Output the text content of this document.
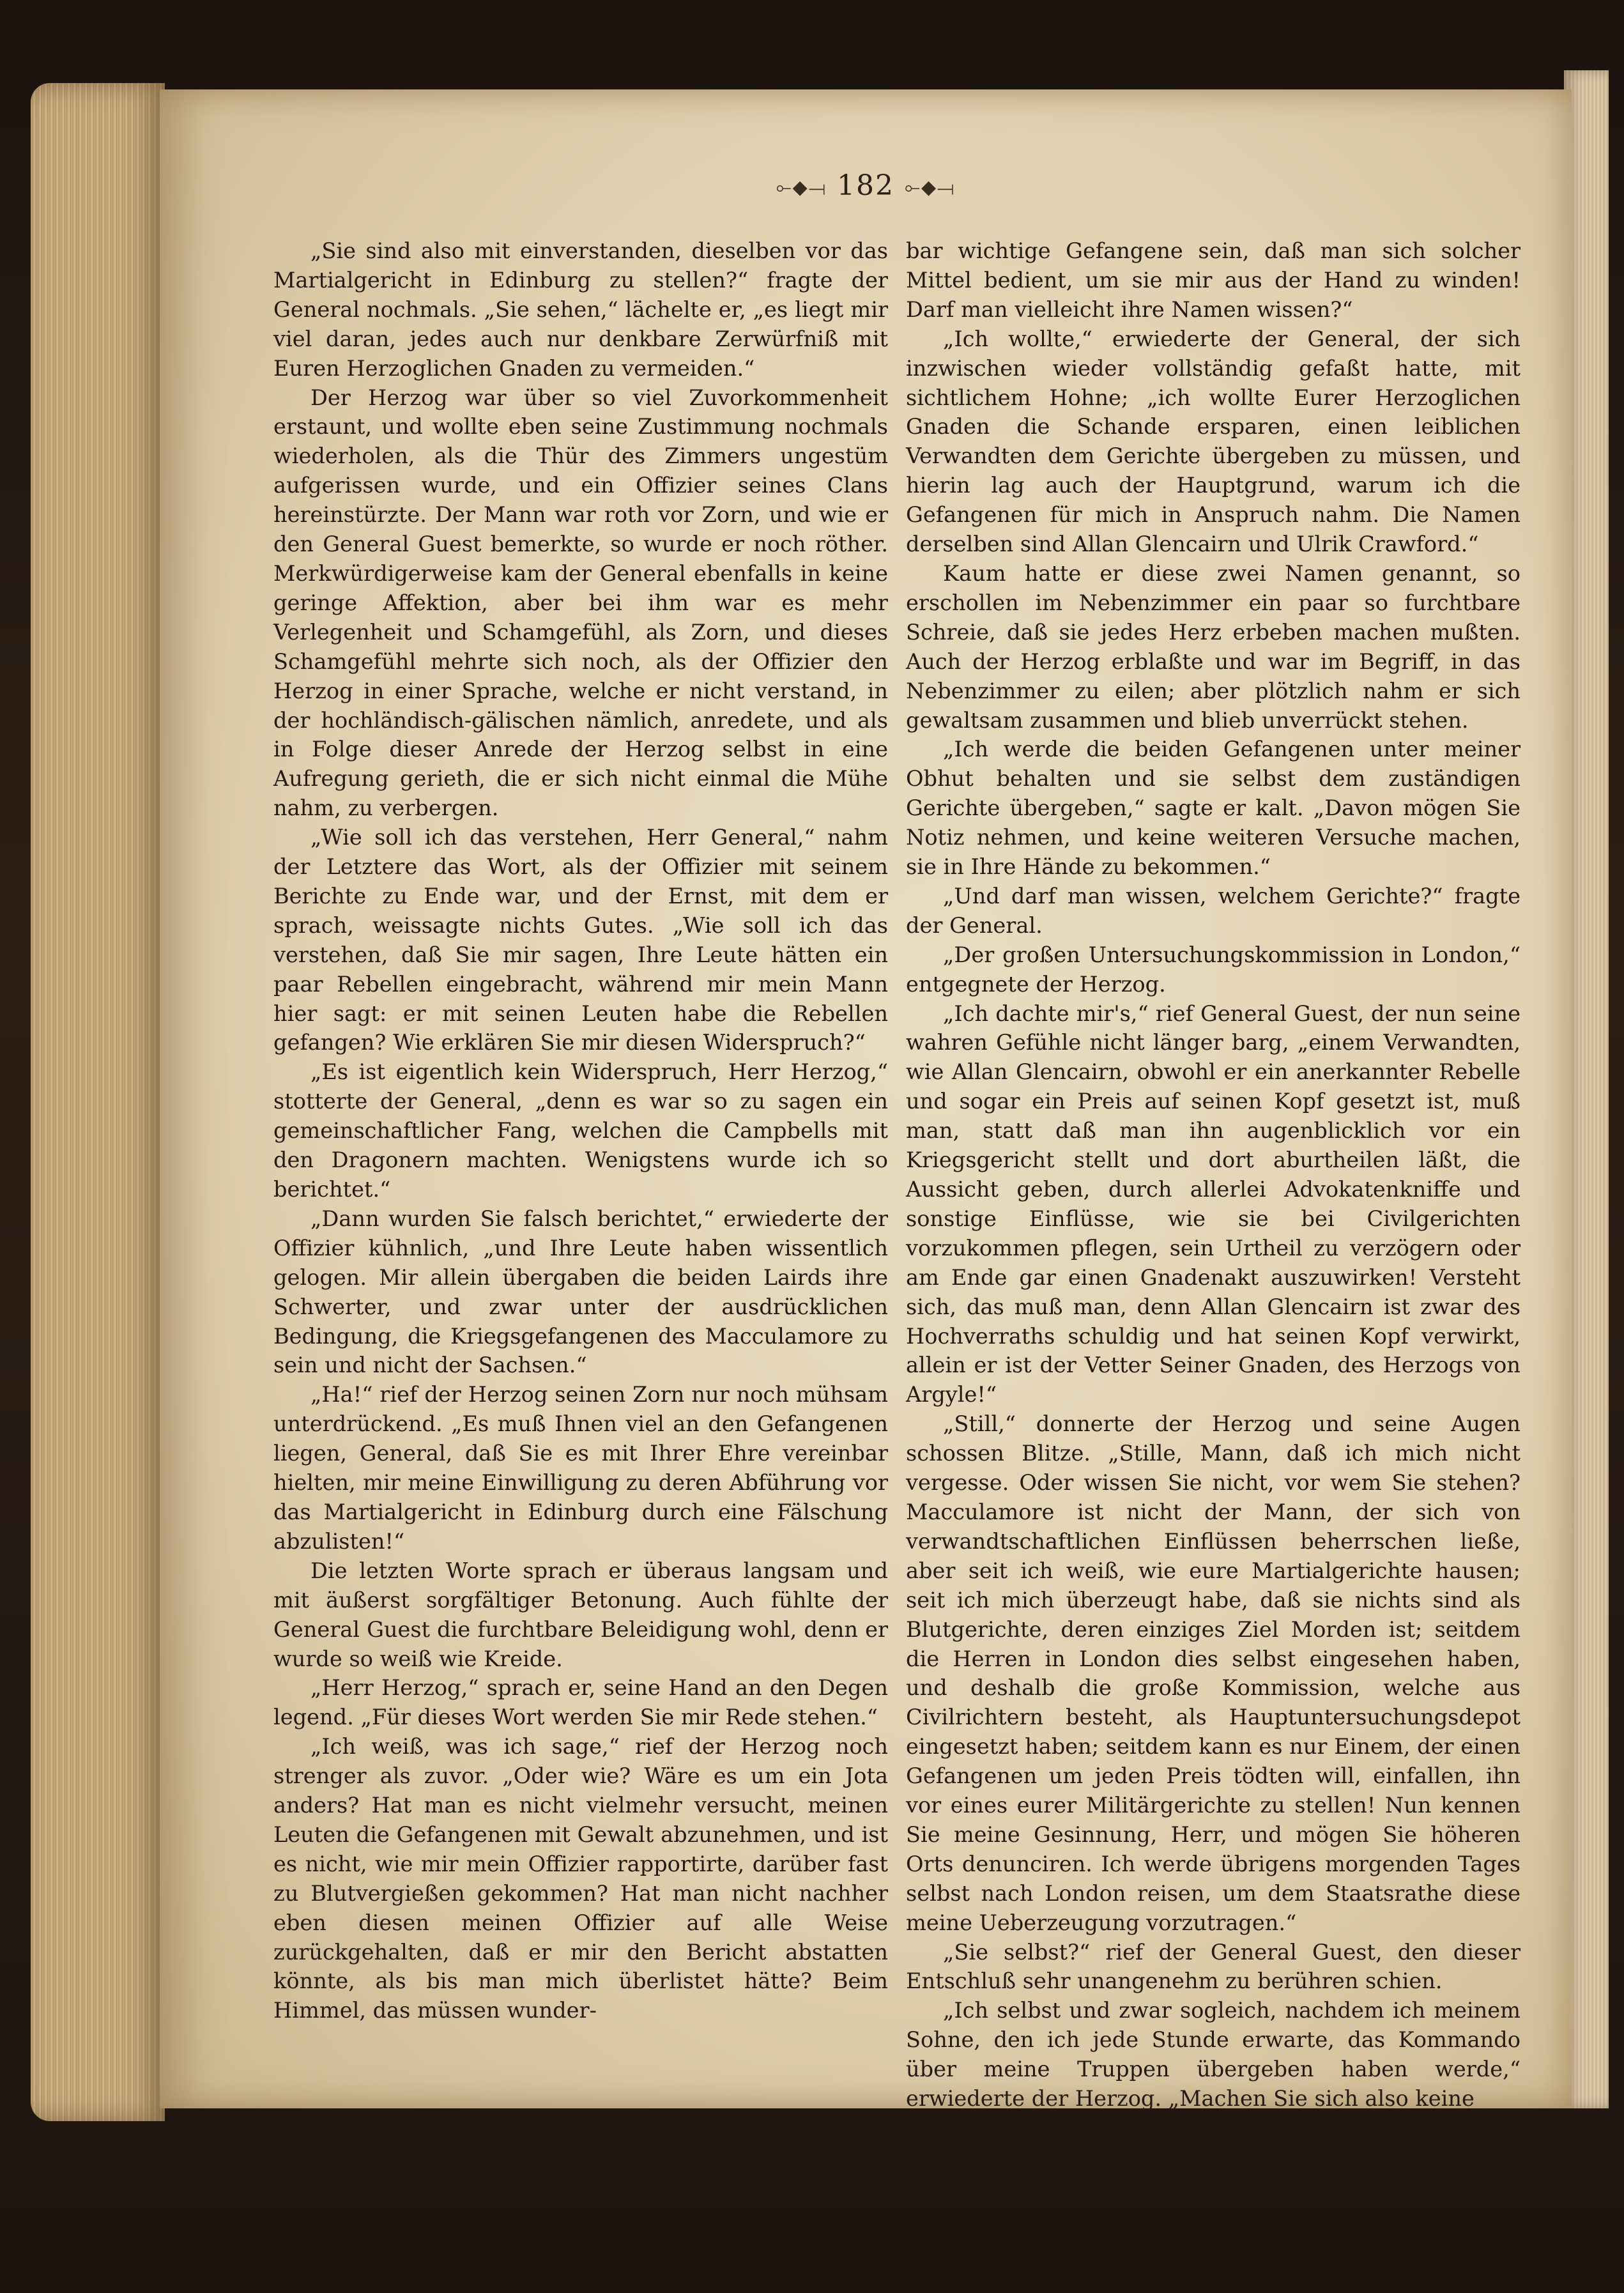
⟜◆⟞ 182 ⟜◆⟞

„Sie sind also mit einverstanden, dieselben vor das Martialgericht in Edinburg zu stellen?“ fragte der General nochmals. „Sie sehen,“ lächelte er, „es liegt mir viel daran, jedes auch nur denkbare Zerwürfniß mit Euren Herzoglichen Gnaden zu vermeiden.“

Der Herzog war über so viel Zuvorkommenheit erstaunt, und wollte eben seine Zustimmung nochmals wiederholen, als die Thür des Zimmers ungestüm aufgerissen wurde, und ein Offizier seines Clans hereinstürzte. Der Mann war roth vor Zorn, und wie er den General Guest bemerkte, so wurde er noch röther. Merkwürdigerweise kam der General ebenfalls in keine geringe Affektion, aber bei ihm war es mehr Verlegenheit und Schamgefühl, als Zorn, und dieses Schamgefühl mehrte sich noch, als der Offizier den Herzog in einer Sprache, welche er nicht verstand, in der hochländisch-gälischen nämlich, anredete, und als in Folge dieser Anrede der Herzog selbst in eine Aufregung gerieth, die er sich nicht einmal die Mühe nahm, zu verbergen.

„Wie soll ich das verstehen, Herr General,“ nahm der Letztere das Wort, als der Offizier mit seinem Berichte zu Ende war, und der Ernst, mit dem er sprach, weissagte nichts Gutes. „Wie soll ich das verstehen, daß Sie mir sagen, Ihre Leute hätten ein paar Rebellen eingebracht, während mir mein Mann hier sagt: er mit seinen Leuten habe die Rebellen gefangen? Wie erklären Sie mir diesen Widerspruch?“

„Es ist eigentlich kein Widerspruch, Herr Herzog,“ stotterte der General, „denn es war so zu sagen ein gemeinschaftlicher Fang, welchen die Campbells mit den Dragonern machten. Wenigstens wurde ich so berichtet.“

„Dann wurden Sie falsch berichtet,“ erwiederte der Offizier kühnlich, „und Ihre Leute haben wissentlich gelogen. Mir allein übergaben die beiden Lairds ihre Schwerter, und zwar unter der ausdrücklichen Bedingung, die Kriegsgefangenen des Macculamore zu sein und nicht der Sachsen.“

„Ha!“ rief der Herzog seinen Zorn nur noch mühsam unterdrückend. „Es muß Ihnen viel an den Gefangenen liegen, General, daß Sie es mit Ihrer Ehre vereinbar hielten, mir meine Einwilligung zu deren Abführung vor das Martialgericht in Edinburg durch eine Fälschung abzulisten!“

Die letzten Worte sprach er überaus langsam und mit äußerst sorgfältiger Betonung. Auch fühlte der General Guest die furchtbare Beleidigung wohl, denn er wurde so weiß wie Kreide.

„Herr Herzog,“ sprach er, seine Hand an den Degen legend. „Für dieses Wort werden Sie mir Rede stehen.“

„Ich weiß, was ich sage,“ rief der Herzog noch strenger als zuvor. „Oder wie? Wäre es um ein Jota anders? Hat man es nicht vielmehr versucht, meinen Leuten die Gefangenen mit Gewalt abzunehmen, und ist es nicht, wie mir mein Offizier rapportirte, darüber fast zu Blutvergießen gekommen? Hat man nicht nachher eben diesen meinen Offizier auf alle Weise zurückgehalten, daß er mir den Bericht abstatten könnte, als bis man mich überlistet hätte? Beim Himmel, das müssen wunder-

bar wichtige Gefangene sein, daß man sich solcher Mittel bedient, um sie mir aus der Hand zu winden! Darf man vielleicht ihre Namen wissen?“

„Ich wollte,“ erwiederte der General, der sich inzwischen wieder vollständig gefaßt hatte, mit sichtlichem Hohne; „ich wollte Eurer Herzoglichen Gnaden die Schande ersparen, einen leiblichen Verwandten dem Gerichte übergeben zu müssen, und hierin lag auch der Hauptgrund, warum ich die Gefangenen für mich in Anspruch nahm. Die Namen derselben sind Allan Glencairn und Ulrik Crawford.“

Kaum hatte er diese zwei Namen genannt, so erschollen im Nebenzimmer ein paar so furchtbare Schreie, daß sie jedes Herz erbeben machen mußten. Auch der Herzog erblaßte und war im Begriff, in das Nebenzimmer zu eilen; aber plötzlich nahm er sich gewaltsam zusammen und blieb unverrückt stehen.

„Ich werde die beiden Gefangenen unter meiner Obhut behalten und sie selbst dem zuständigen Gerichte übergeben,“ sagte er kalt. „Davon mögen Sie Notiz nehmen, und keine weiteren Versuche machen, sie in Ihre Hände zu bekommen.“

„Und darf man wissen, welchem Gerichte?“ fragte der General.

„Der großen Untersuchungskommission in London,“ entgegnete der Herzog.

„Ich dachte mir's,“ rief General Guest, der nun seine wahren Gefühle nicht länger barg, „einem Verwandten, wie Allan Glencairn, obwohl er ein anerkannter Rebelle und sogar ein Preis auf seinen Kopf gesetzt ist, muß man, statt daß man ihn augenblicklich vor ein Kriegsgericht stellt und dort aburtheilen läßt, die Aussicht geben, durch allerlei Advokatenkniffe und sonstige Einflüsse, wie sie bei Civilgerichten vorzukommen pflegen, sein Urtheil zu verzögern oder am Ende gar einen Gnadenakt auszuwirken! Versteht sich, das muß man, denn Allan Glencairn ist zwar des Hochverraths schuldig und hat seinen Kopf verwirkt, allein er ist der Vetter Seiner Gnaden, des Herzogs von Argyle!“

„Still,“ donnerte der Herzog und seine Augen schossen Blitze. „Stille, Mann, daß ich mich nicht vergesse. Oder wissen Sie nicht, vor wem Sie stehen? Macculamore ist nicht der Mann, der sich von verwandtschaftlichen Einflüssen beherrschen ließe, aber seit ich weiß, wie eure Martialgerichte hausen; seit ich mich überzeugt habe, daß sie nichts sind als Blutgerichte, deren einziges Ziel Morden ist; seitdem die Herren in London dies selbst eingesehen haben, und deshalb die große Kommission, welche aus Civilrichtern besteht, als Hauptuntersuchungsdepot eingesetzt haben; seitdem kann es nur Einem, der einen Gefangenen um jeden Preis tödten will, einfallen, ihn vor eines eurer Militärgerichte zu stellen! Nun kennen Sie meine Gesinnung, Herr, und mögen Sie höheren Orts denunciren. Ich werde übrigens morgenden Tages selbst nach London reisen, um dem Staatsrathe diese meine Ueberzeugung vorzutragen.“

„Sie selbst?“ rief der General Guest, den dieser Entschluß sehr unangenehm zu berühren schien.

„Ich selbst und zwar sogleich, nachdem ich meinem Sohne, den ich jede Stunde erwarte, das Kommando über meine Truppen übergeben haben werde,“ erwiederte der Herzog. „Machen Sie sich also keine
